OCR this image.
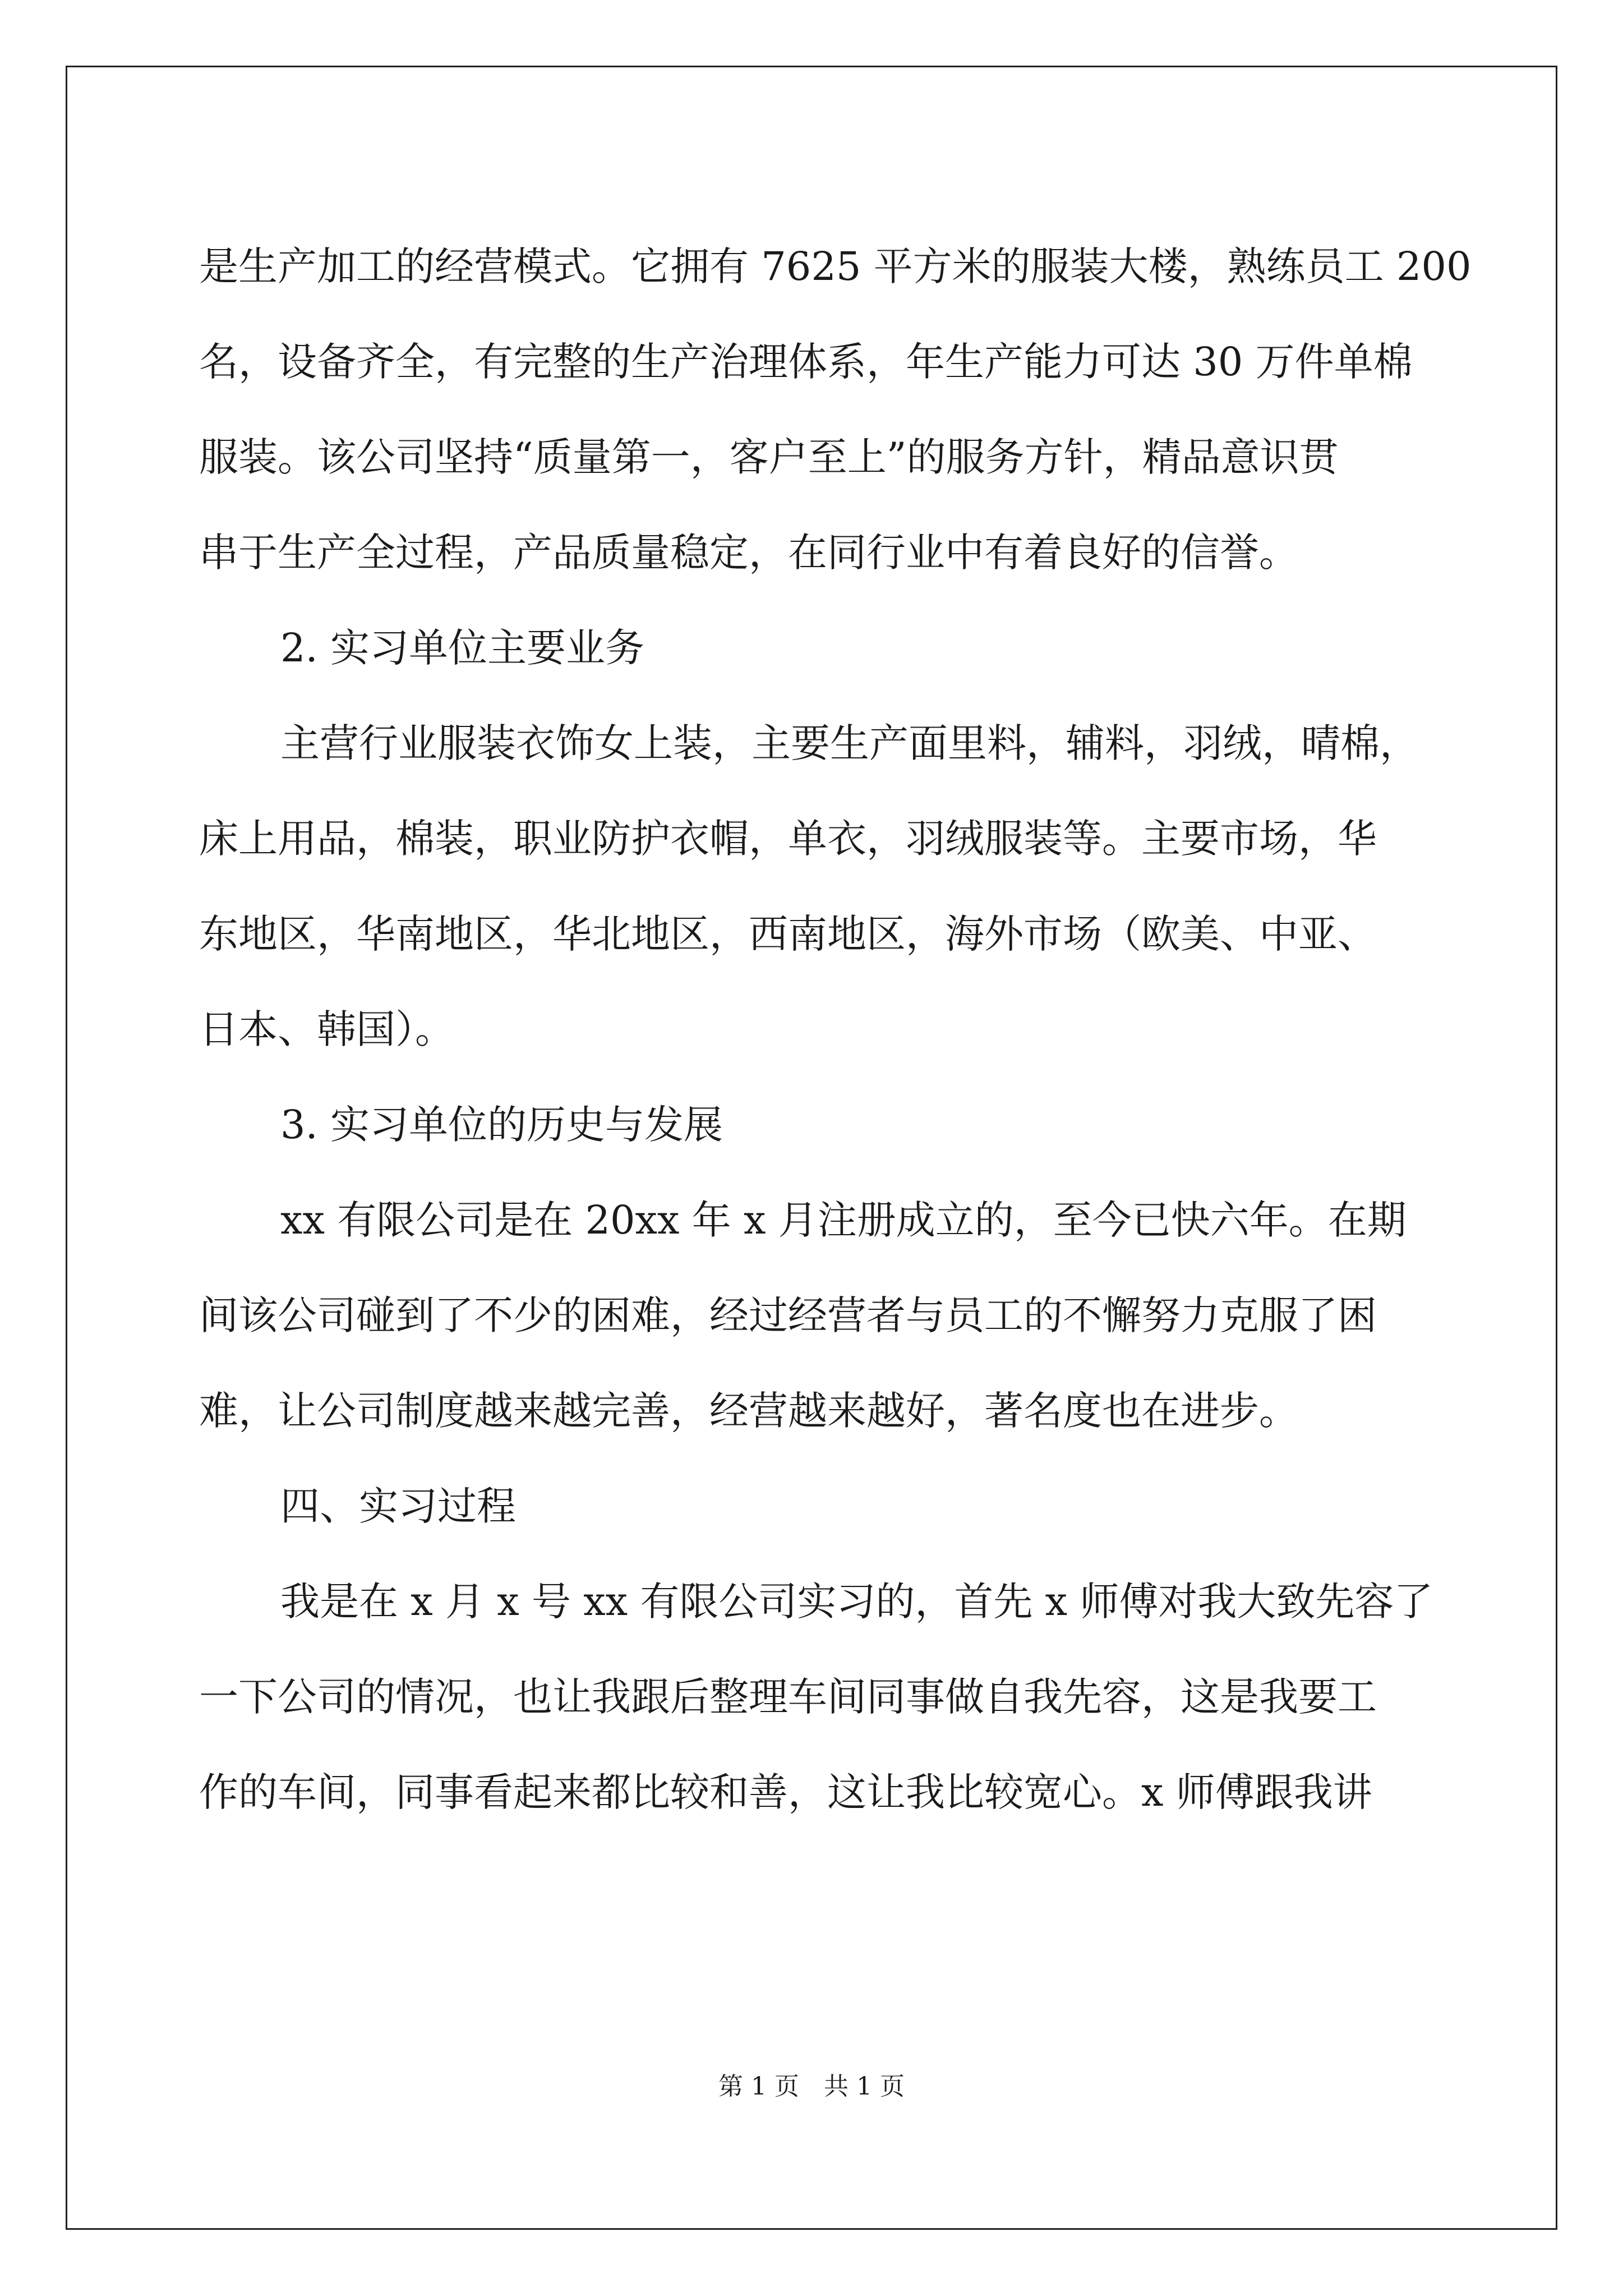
是生产加工的经营模式。它拥有 7625 平方米的服装大楼，熟练员工 200
名，设备齐全，有完整的生产治理体系，年生产能力可达 30 万件单棉
服装。该公司坚持“质量第一，客户至上”的服务方针，精品意识贯
串于生产全过程，产品质量稳定，在同行业中有着良好的信誉。
2. 实习单位主要业务
主营行业服装衣饰女上装，主要生产面里料，辅料，羽绒，晴棉，
床上用品，棉装，职业防护衣帽，单衣，羽绒服装等。主要市场，华
东地区，华南地区，华北地区，西南地区，海外市场（欧美、中亚、
日本、韩国）。
3. 实习单位的历史与发展
xx 有限公司是在 20xx 年 x 月注册成立的，至今已快六年。在期
间该公司碰到了不少的困难，经过经营者与员工的不懈努力克服了困
难，让公司制度越来越完善，经营越来越好，著名度也在进步。
四、实习过程
我是在 x 月 x 号 xx 有限公司实习的，首先 x 师傅对我大致先容了
一下公司的情况，也让我跟后整理车间同事做自我先容，这是我要工
作的车间，同事看起来都比较和善，这让我比较宽心。x 师傅跟我讲
第 1 页　共 1 页
